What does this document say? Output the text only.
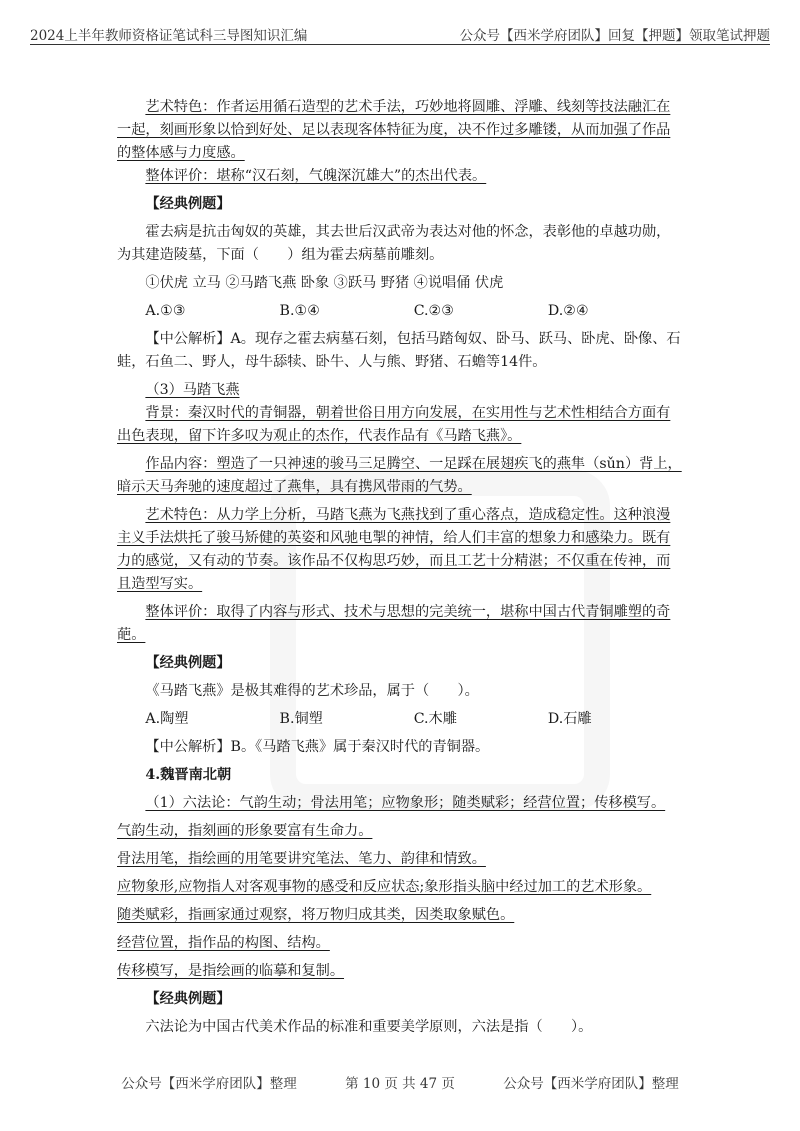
2024上半年教师资格证笔试科三导图知识汇编	公众号【西米学府团队】回复【押题】领取笔试押题

艺术特色：作者运用循石造型的艺术手法，巧妙地将圆雕、浮雕、线刻等技法融汇在一起，刻画形象以恰到好处、足以表现客体特征为度，决不作过多雕镂，从而加强了作品的整体感与力度感。

整体评价：堪称“汉石刻，气魄深沉雄大”的杰出代表。

【经典例题】

霍去病是抗击匈奴的英雄，其去世后汉武帝为表达对他的怀念，表彰他的卓越功勋，为其建造陵墓，下面（　　）组为霍去病墓前雕刻。

①伏虎 立马 ②马踏飞燕 卧象 ③跃马 野猪 ④说唱俑 伏虎

A.①③	B.①④	C.②③	D.②④

【中公解析】A。现存之霍去病墓石刻，包括马踏匈奴、卧马、跃马、卧虎、卧像、石蛙，石鱼二、野人，母牛舔犊、卧牛、人与熊、野猪、石蟾等14件。

（3）马踏飞燕

背景：秦汉时代的青铜器，朝着世俗日用方向发展，在实用性与艺术性相结合方面有出色表现，留下许多叹为观止的杰作，代表作品有《马踏飞燕》。

作品内容：塑造了一只神速的骏马三足腾空、一足踩在展翅疾飞的燕隼（sǔn）背上，暗示天马奔驰的速度超过了燕隼，具有携风带雨的气势。

艺术特色：从力学上分析，马踏飞燕为飞燕找到了重心落点，造成稳定性。这种浪漫主义手法烘托了骏马矫健的英姿和风驰电掣的神情，给人们丰富的想象力和感染力。既有力的感觉，又有动的节奏。该作品不仅构思巧妙，而且工艺十分精湛；不仅重在传神，而且造型写实。

整体评价：取得了内容与形式、技术与思想的完美统一，堪称中国古代青铜雕塑的奇葩。

【经典例题】

《马踏飞燕》是极其难得的艺术珍品，属于（　　）。

A.陶塑	B.铜塑	C.木雕	D.石雕

【中公解析】B。《马踏飞燕》属于秦汉时代的青铜器。

4.魏晋南北朝

（1）六法论：气韵生动；骨法用笔；应物象形；随类赋彩；经营位置；传移模写。

气韵生动，指刻画的形象要富有生命力。

骨法用笔，指绘画的用笔要讲究笔法、笔力、韵律和情致。

应物象形,应物指人对客观事物的感受和反应状态;象形指头脑中经过加工的艺术形象。

随类赋彩，指画家通过观察，将万物归成其类，因类取象赋色。

经营位置，指作品的构图、结构。

传移模写，是指绘画的临摹和复制。

【经典例题】

六法论为中国古代美术作品的标准和重要美学原则，六法是指（　　）。

公众号【西米学府团队】整理	第 10 页 共 47 页	公众号【西米学府团队】整理
